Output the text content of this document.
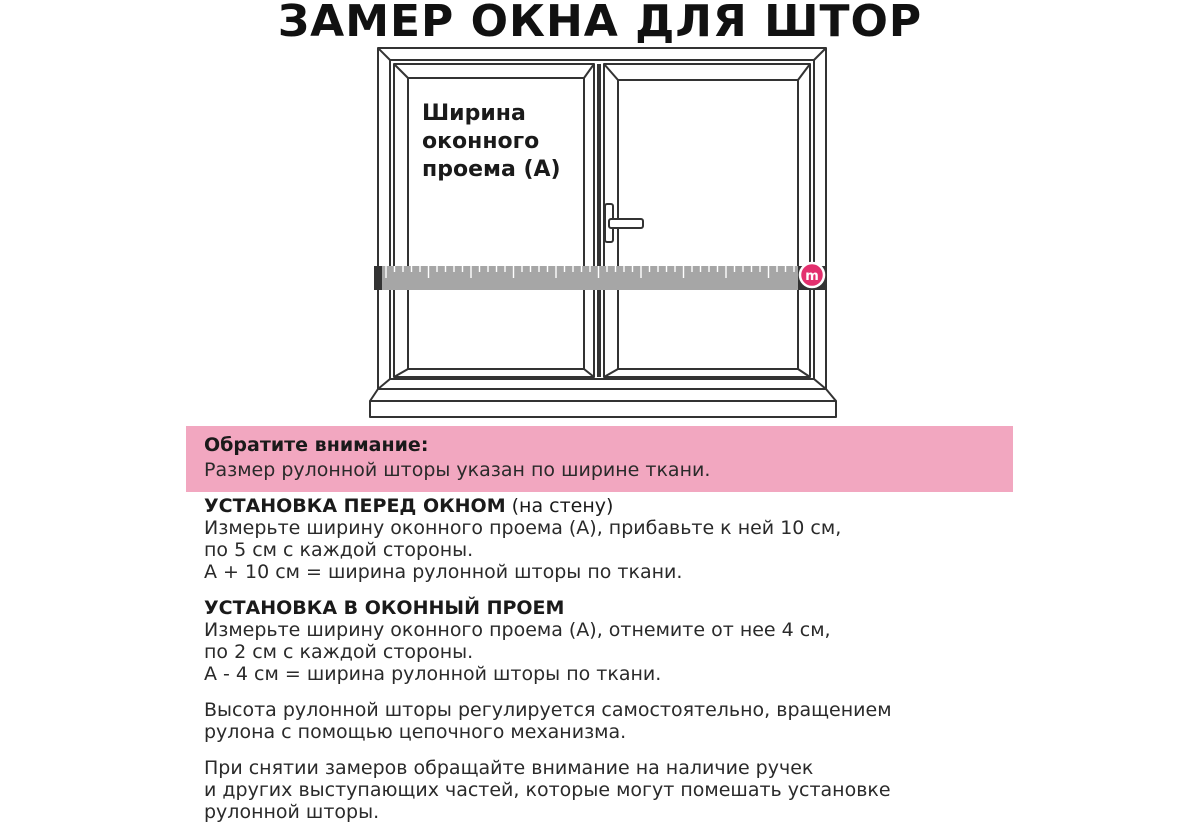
ЗАМЕР ОКНА ДЛЯ ШТОР
m

Ширина
оконного
проема (А)

Обратите внимание:

Размер рулонной шторы указан по ширине ткани.

УСТАНОВКА ПЕРЕД ОКНОМ (на стену)

Измерьте ширину оконного проема (А), прибавьте к ней 10 см,

по 5 см с каждой стороны.

А + 10 см = ширина рулонной шторы по ткани.

УСТАНОВКА В ОКОННЫЙ ПРОЕМ

Измерьте ширину оконного проема (А), отнемите от нее 4 см,

по 2 см с каждой стороны.

А - 4 см = ширина рулонной шторы по ткани.

Высота рулонной шторы регулируется самостоятельно, вращением

рулона с помощью цепочного механизма.

При снятии замеров обращайте внимание на наличие ручек

и других выступающих частей, которые могут помешать установке

рулонной шторы.
